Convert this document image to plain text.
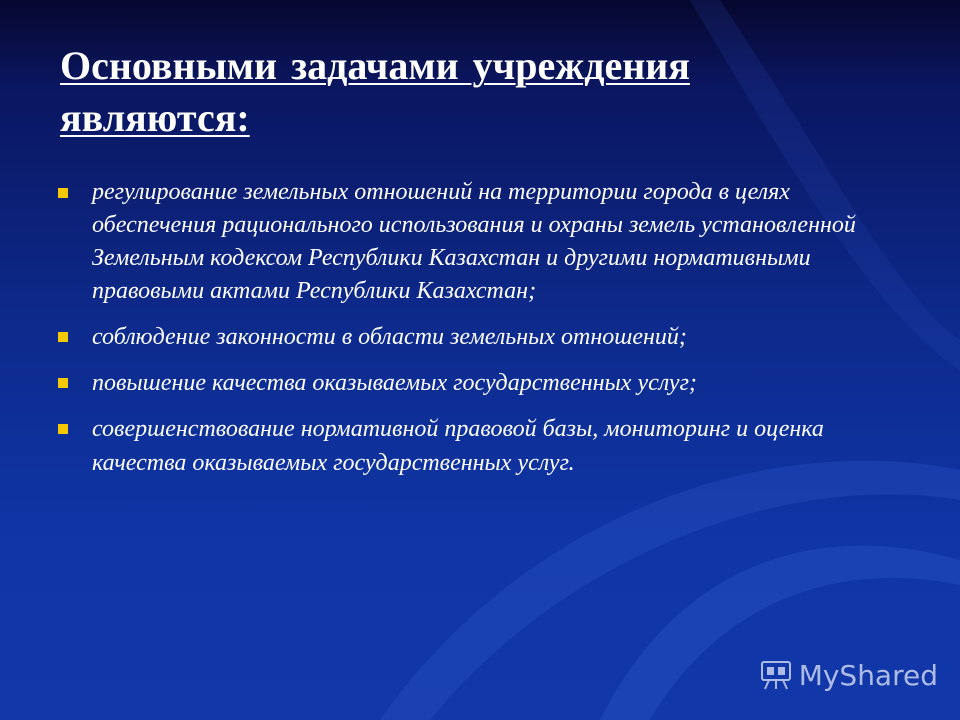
Основными задачами учреждения являются:
регулирование земельных отношений на территории города в целях обеспечения рационального использования и охраны земель установленной Земельным кодексом Республики Казахстан и другими нормативными правовыми актами Республики Казахстан;
соблюдение законности в области земельных отношений;
повышение качества оказываемых государственных услуг;
совершенствование нормативной правовой базы, мониторинг и оценка качества оказываемых государственных услуг.
MyShared
